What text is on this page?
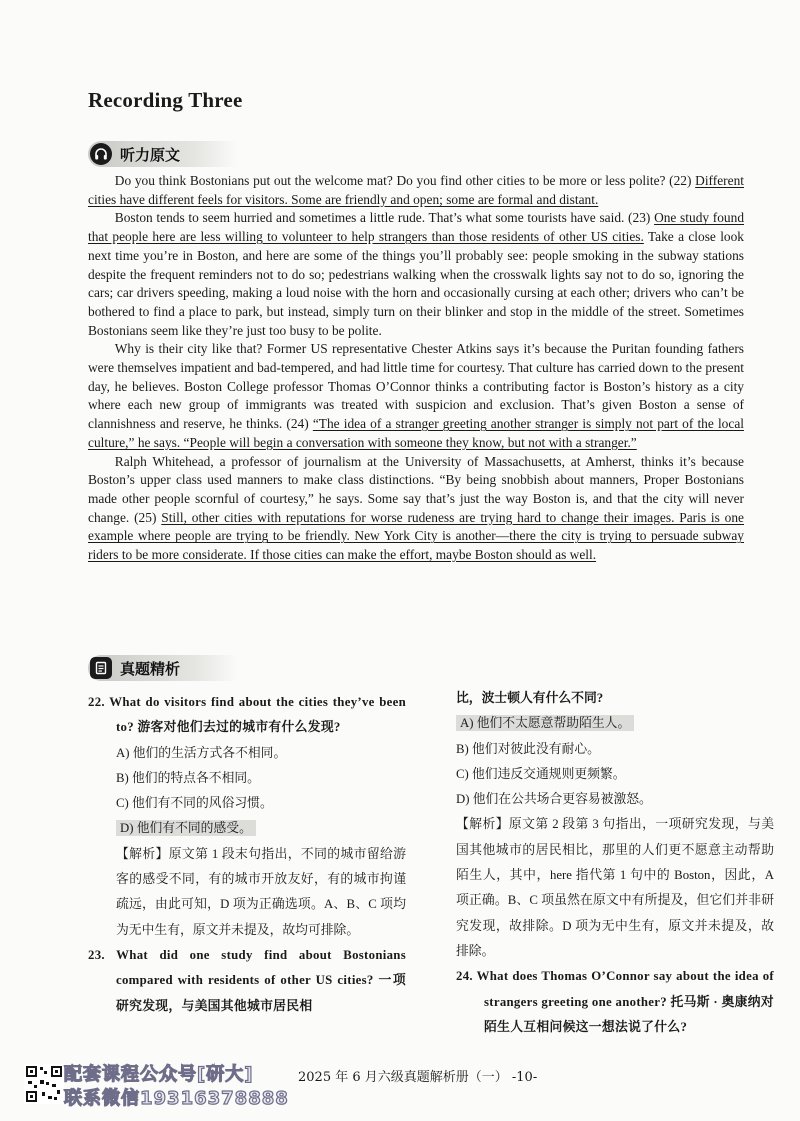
Recording Three
听力原文

Do you think Bostonians put out the welcome mat? Do you find other cities to be more or less polite? (22) Different cities have different feels for visitors. Some are friendly and open; some are formal and distant.

Boston tends to seem hurried and sometimes a little rude. That’s what some tourists have said. (23) One study found that people here are less willing to volunteer to help strangers than those residents of other US cities. Take a close look next time you’re in Boston, and here are some of the things you’ll probably see: people smoking in the subway stations despite the frequent reminders not to do so; pedestrians walking when the crosswalk lights say not to do so, ignoring the cars; car drivers speeding, making a loud noise with the horn and occasionally cursing at each other; drivers who can’t be bothered to find a place to park, but instead, simply turn on their blinker and stop in the middle of the street. Sometimes Bostonians seem like they’re just too busy to be polite.

Why is their city like that? Former US representative Chester Atkins says it’s because the Puritan founding fathers were themselves impatient and bad-tempered, and had little time for courtesy. That culture has carried down to the present day, he believes. Boston College professor Thomas O’Connor thinks a contributing factor is Boston’s history as a city where each new group of immigrants was treated with suspicion and exclusion. That’s given Boston a sense of clannishness and reserve, he thinks. (24) “The idea of a stranger greeting another stranger is simply not part of the local culture,” he says. “People will begin a conversation with someone they know, but not with a stranger.”

Ralph Whitehead, a professor of journalism at the University of Massachusetts, at Amherst, thinks it’s because Boston’s upper class used manners to make class distinctions. “By being snobbish about manners, Proper Bostonians made other people scornful of courtesy,” he says. Some say that’s just the way Boston is, and that the city will never change. (25) Still, other cities with reputations for worse rudeness are trying hard to change their images. Paris is one example where people are trying to be friendly. New York City is another—there the city is trying to persuade subway riders to be more considerate. If those cities can make the effort, maybe Boston should as well.

真题精析
22. What do visitors find about the cities they’ve been to? 游客对他们去过的城市有什么发现?
A) 他们的生活方式各不相同。
B) 他们的特点各不相同。
C) 他们有不同的风俗习惯。
D) 他们有不同的感受。
【解析】原文第 1 段末句指出，不同的城市留给游客的感受不同，有的城市开放友好，有的城市拘谨疏远，由此可知，D 项为正确选项。A、B、C 项均为无中生有，原文并未提及，故均可排除。
23. What did one study find about Bostonians compared with residents of other US cities? 一项研究发现，与美国其他城市居民相
比，波士顿人有什么不同?
A) 他们不太愿意帮助陌生人。
B) 他们对彼此没有耐心。
C) 他们违反交通规则更频繁。
D) 他们在公共场合更容易被激怒。
【解析】原文第 2 段第 3 句指出，一项研究发现，与美国其他城市的居民相比，那里的人们更不愿意主动帮助陌生人，其中，here 指代第 1 句中的 Boston，因此，A 项正确。B、C 项虽然在原文中有所提及，但它们并非研究发现，故排除。D 项为无中生有，原文并未提及，故排除。
24. What does Thomas O’Connor say about the idea of strangers greeting one another? 托马斯 · 奥康纳对陌生人互相问候这一想法说了什么?
配套课程公众号[研大]
联系微信19316378888
2025 年 6 月六级真题解析册（一） -10-
